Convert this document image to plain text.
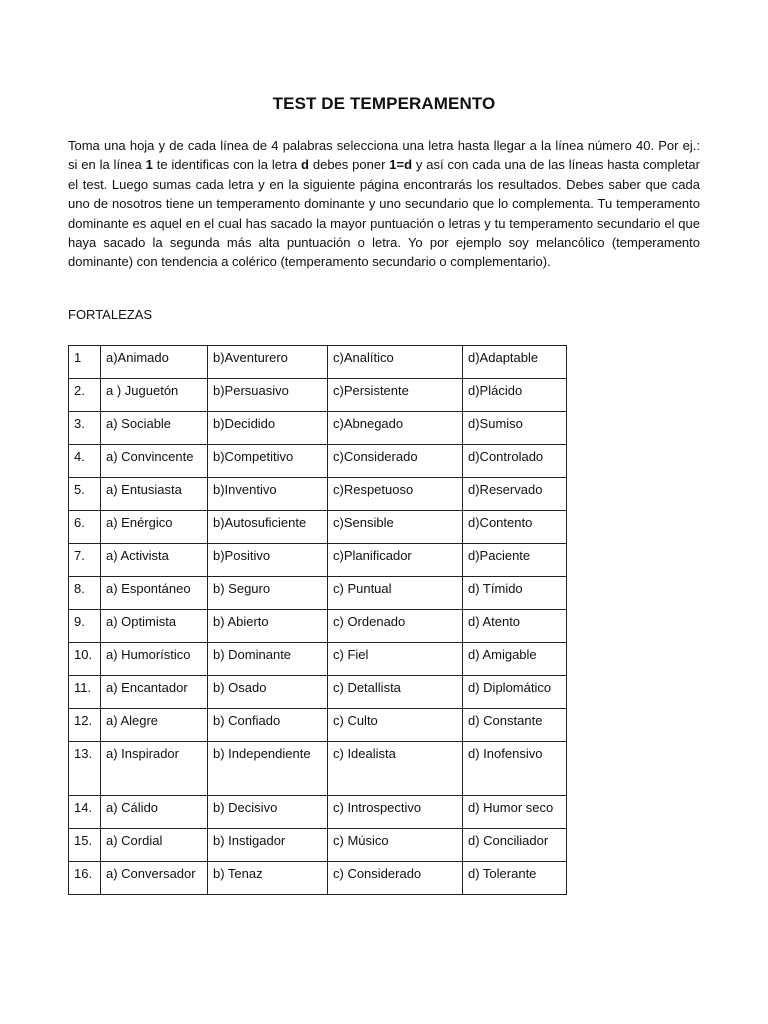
TEST DE TEMPERAMENTO
Toma una hoja y de cada línea de 4 palabras selecciona una letra hasta llegar a la línea número 40. Por ej.: si en la línea 1 te identificas con la letra d debes poner 1=d y así con cada una de las líneas hasta completar el test. Luego sumas cada letra y en la siguiente página encontrarás los resultados. Debes saber que cada uno de nosotros tiene un temperamento dominante y uno secundario que lo complementa. Tu temperamento dominante es aquel en el cual has sacado la mayor puntuación o letras y tu temperamento secundario el que haya sacado la segunda más alta puntuación o letra. Yo por ejemplo soy melancólico (temperamento dominante) con tendencia a colérico (temperamento secundario o complementario).
FORTALEZAS
1	a)Animado	b)Aventurero	c)Analítico	d)Adaptable
2.	a ) Juguetón	b)Persuasivo	c)Persistente	d)Plácido
3.	a) Sociable	b)Decidido	c)Abnegado	d)Sumiso
4.	a) Convincente	b)Competitivo	c)Considerado	d)Controlado
5.	a) Entusiasta	b)Inventivo	c)Respetuoso	d)Reservado
6.	a) Enérgico	b)Autosuficiente	c)Sensible	d)Contento
7.	a) Activista	b)Positivo	c)Planificador	d)Paciente
8.	a) Espontáneo	b) Seguro	c) Puntual	d) Tímido
9.	a) Optimista	b) Abierto	c) Ordenado	d) Atento
10.	a) Humorístico	b) Dominante	c) Fiel	d) Amigable
11.	a) Encantador	b) Osado	c) Detallista	d) Diplomático
12.	a) Alegre	b) Confiado	c) Culto	d) Constante
13.	a) Inspirador	b) Independiente	c) Idealista	d) Inofensivo
14.	a) Cálido	b) Decisivo	c) Introspectivo	d) Humor seco
15.	a) Cordial	b) Instigador	c) Músico	d) Conciliador
16.	a) Conversador	b) Tenaz	c) Considerado	d) Tolerante
